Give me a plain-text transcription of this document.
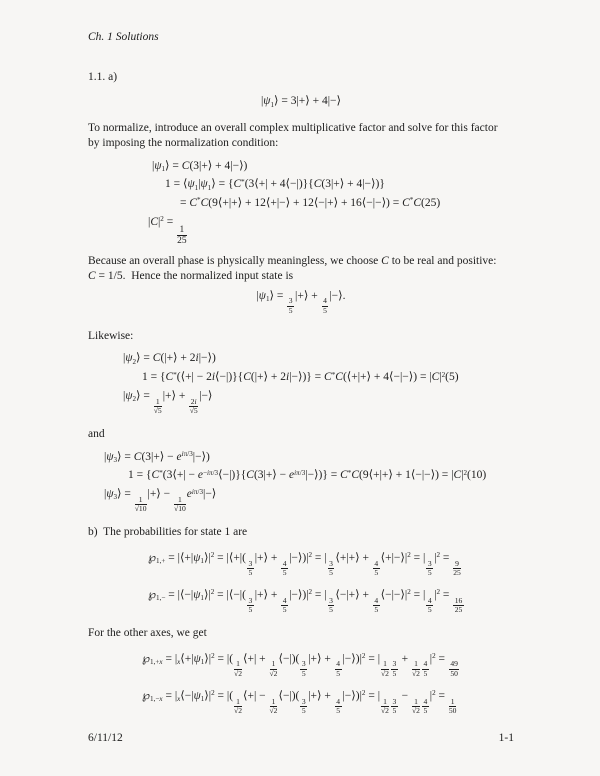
Ch. 1 Solutions
1.1. a)
$|\psi_1⟩$ = 3|+⟩ + 4|−⟩
To normalize, introduce an overall complex multiplicative factor and solve for this factor
by imposing the normalization condition:
$|\psi_1⟩$ = C(3|+⟩ + 4|−⟩)
$1 = ⟨\psi_1|\psi_1⟩$ = {C*(3⟨+| + 4⟨−|)}{C(3|+⟩ + 4|−⟩)}
= C*C(9⟨+|+⟩ + 12⟨+|−⟩ + 12⟨−|+⟩ + 16⟨−|−⟩) = C*C(25)
$|C|^2$ =
$\frac{1}{25}$
Because an overall phase is physically meaningless, we choose C to be real and positive:
C = 1/5.  Hence the normalized input state is
$|\psi_1⟩$ =
$\frac{3}{5}$
|+⟩ +
$\frac{4}{5}$
|−⟩.
Likewise:
$|\psi_2⟩$ = C(|+⟩ + 2i|−⟩)
1 = {C*(⟨+| − 2i⟨−|)}{C(|+⟩ + 2i|−⟩)} = C*C(⟨+|+⟩ + 4⟨−|−⟩) = $|C|^2(5)$
$|\psi_2⟩$ =
$\frac{1}{√5}$
|+⟩ +
$\frac{2i}{√5}$
|−⟩
and
$|\psi_3⟩$ = C(3|+⟩ − $e^{i\pi/3}|-⟩$)
1 = {C*(3⟨+| − $e^{-i\pi/3}⟨-|)\}\{C(3|+⟩$ − $e^{i\pi/3}|-⟩$)} = C*C(9⟨+|+⟩ + 1⟨−|−⟩) = $|C|^2(10)$
$|\psi_3⟩$ =
$\frac{1}{√10}$
|+⟩ −
$\frac{1}{√10}$
$e^{i\pi/3}|-⟩$
b)  The probabilities for state 1 are
$℘_{1,+}$ = $|⟨+|\psi_1⟩|^2$ = |⟨+|(
$\frac{3}{5}$
|+⟩ +
$\frac{4}{5}$
$|-⟩)|^2$ = |
$\frac{3}{5}$
⟨+|+⟩ +
$\frac{4}{5}$
$⟨+|-⟩|^2$ = |
$\frac{3}{5}$
$|^2$ =
$\frac{9}{25}$
$℘_{1,-}$ = $|⟨-|\psi_1⟩|^2$ = |⟨−|(
$\frac{3}{5}$
|+⟩ +
$\frac{4}{5}$
$|-⟩)|^2$ = |
$\frac{3}{5}$
⟨−|+⟩ +
$\frac{4}{5}$
$⟨-|-⟩|^2$ = |
$\frac{4}{5}$
$|^2$ =
$\frac{16}{25}$
For the other axes, we get
$℘_{1,+x}$ = $|_x⟨+|\psi_1⟩|^2$ = |(
$\frac{1}{√2}$
⟨+| +
$\frac{1}{√2}$
⟨−|)(
$\frac{3}{5}$
|+⟩ +
$\frac{4}{5}$
$|-⟩)|^2$ = |
$\frac{1}{√2} \frac{3}{5}$
+
$\frac{1}{√2} \frac{4}{5}$
$|^2$ =
$\frac{49}{50}$
$℘_{1,-x}$ = $|_x⟨-|\psi_1⟩|^2$ = |(
$\frac{1}{√2}$
⟨+| −
$\frac{1}{√2}$
⟨−|)(
$\frac{3}{5}$
|+⟩ +
$\frac{4}{5}$
$|-⟩)|^2$ = |
$\frac{1}{√2} \frac{3}{5}$
−
$\frac{1}{√2} \frac{4}{5}$
$|^2$ =
$\frac{1}{50}$
6/11/12	1-1
